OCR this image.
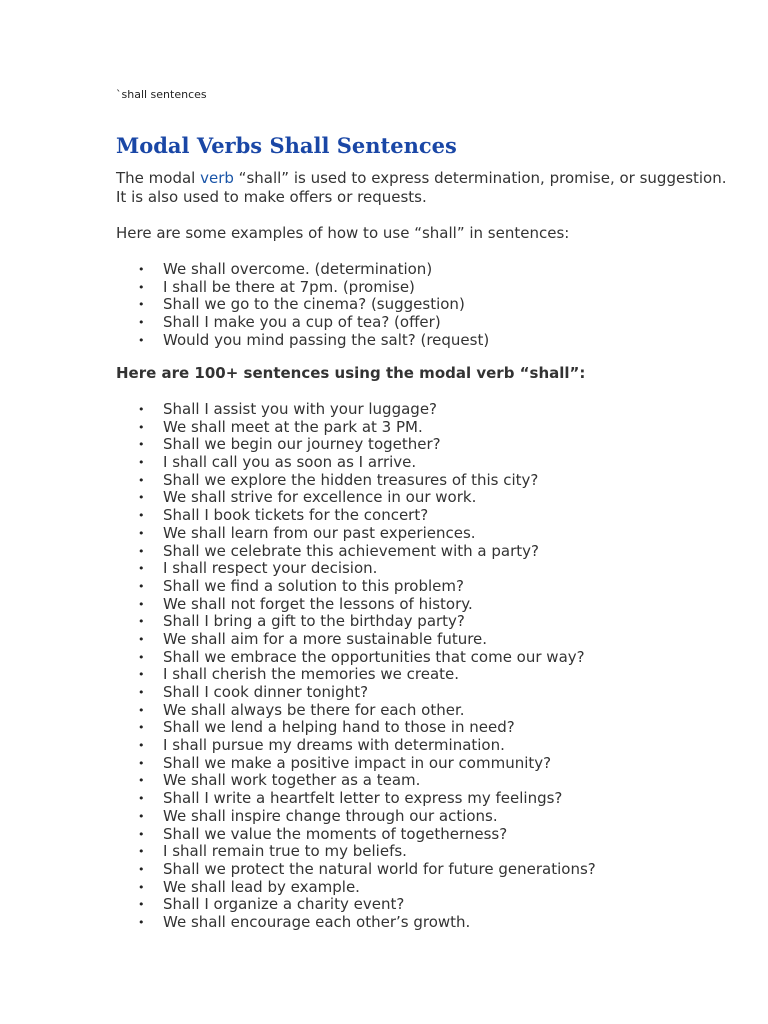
`shall sentences
Modal Verbs Shall Sentences

The modal verb “shall” is used to express determination, promise, or suggestion. It is also used to make offers or requests.

Here are some examples of how to use “shall” in sentences:

• We shall overcome. (determination)
• I shall be there at 7pm. (promise)
• Shall we go to the cinema? (suggestion)
• Shall I make you a cup of tea? (offer)
• Would you mind passing the salt? (request)

Here are 100+ sentences using the modal verb “shall”:

• Shall I assist you with your luggage?
• We shall meet at the park at 3 PM.
• Shall we begin our journey together?
• I shall call you as soon as I arrive.
• Shall we explore the hidden treasures of this city?
• We shall strive for excellence in our work.
• Shall I book tickets for the concert?
• We shall learn from our past experiences.
• Shall we celebrate this achievement with a party?
• I shall respect your decision.
• Shall we find a solution to this problem?
• We shall not forget the lessons of history.
• Shall I bring a gift to the birthday party?
• We shall aim for a more sustainable future.
• Shall we embrace the opportunities that come our way?
• I shall cherish the memories we create.
• Shall I cook dinner tonight?
• We shall always be there for each other.
• Shall we lend a helping hand to those in need?
• I shall pursue my dreams with determination.
• Shall we make a positive impact in our community?
• We shall work together as a team.
• Shall I write a heartfelt letter to express my feelings?
• We shall inspire change through our actions.
• Shall we value the moments of togetherness?
• I shall remain true to my beliefs.
• Shall we protect the natural world for future generations?
• We shall lead by example.
• Shall I organize a charity event?
• We shall encourage each other’s growth.
